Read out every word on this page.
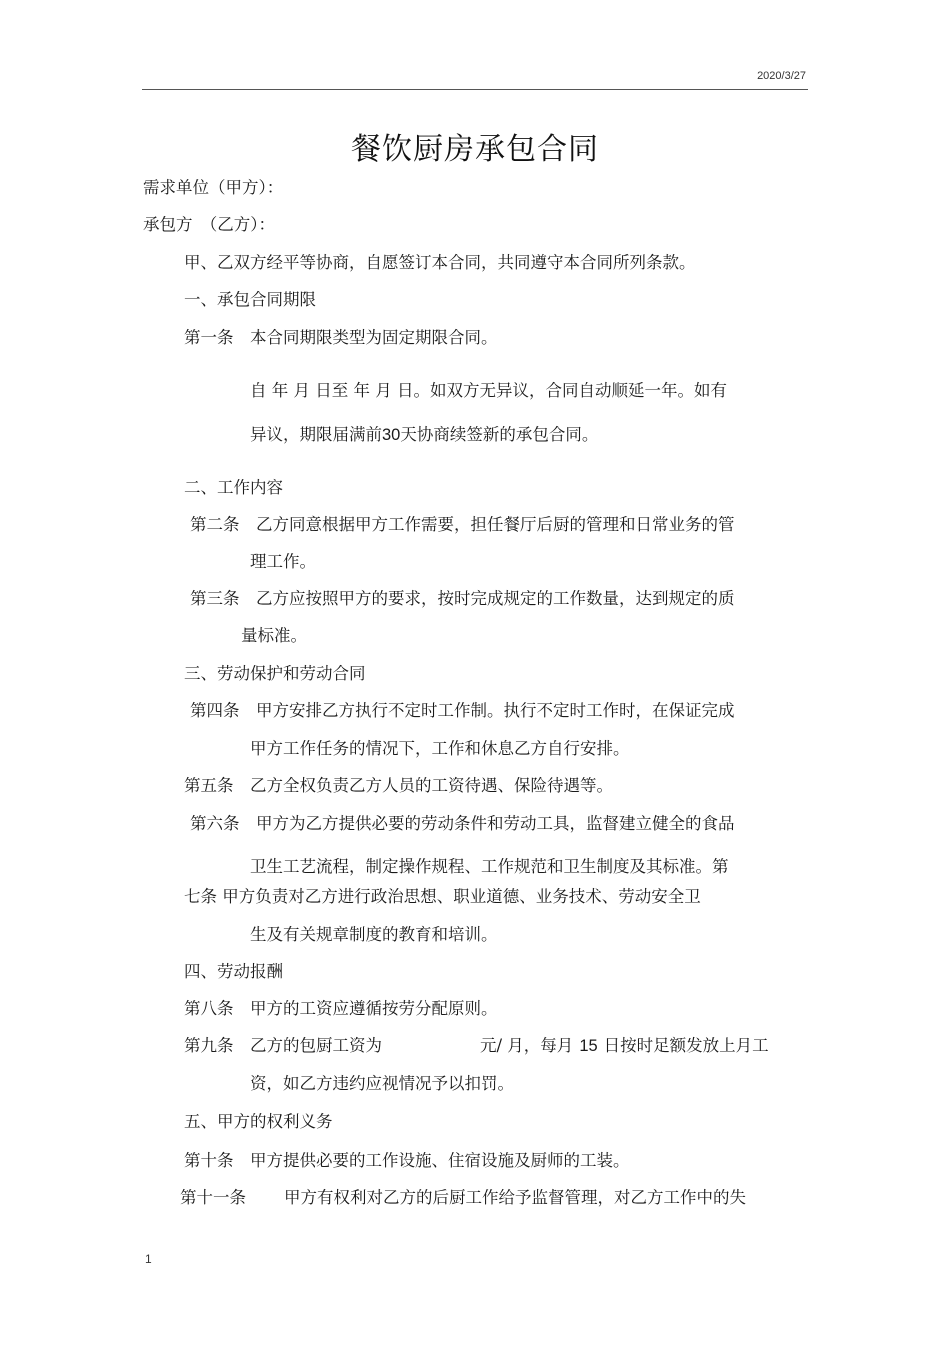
2020/3/27
餐饮厨房承包合同
需求单位（甲方）：
承包方　（乙方）：
甲、乙双方经平等协商，自愿签订本合同，共同遵守本合同所列条款。
一、承包合同期限
第一条　本合同期限类型为固定期限合同。
自 年 月 日至 年 月 日。如双方无异议，合同自动顺延一年。如有
异议，期限届满前30天协商续签新的承包合同。
二、工作内容
第二条　乙方同意根据甲方工作需要，担任餐厅后厨的管理和日常业务的管
理工作。
第三条　乙方应按照甲方的要求，按时完成规定的工作数量，达到规定的质
量标准。
三、劳动保护和劳动合同
第四条　甲方安排乙方执行不定时工作制。执行不定时工作时，在保证完成
甲方工作任务的情况下，工作和休息乙方自行安排。
第五条　乙方全权负责乙方人员的工资待遇、保险待遇等。
第六条　甲方为乙方提供必要的劳动条件和劳动工具，监督建立健全的食品
卫生工艺流程，制定操作规程、工作规范和卫生制度及其标准。第
七条 甲方负责对乙方进行政治思想、职业道德、业务技术、劳动安全卫
生及有关规章制度的教育和培训。
四、劳动报酬
第八条　甲方的工资应遵循按劳分配原则。
第九条　乙方的包厨工资为	元/ 月，每月 15 日按时足额发放上月工
资，如乙方违约应视情况予以扣罚。
五、甲方的权利义务
第十条　甲方提供必要的工作设施、住宿设施及厨师的工装。
第十一条 甲方有权利对乙方的后厨工作给予监督管理，对乙方工作中的失
1
